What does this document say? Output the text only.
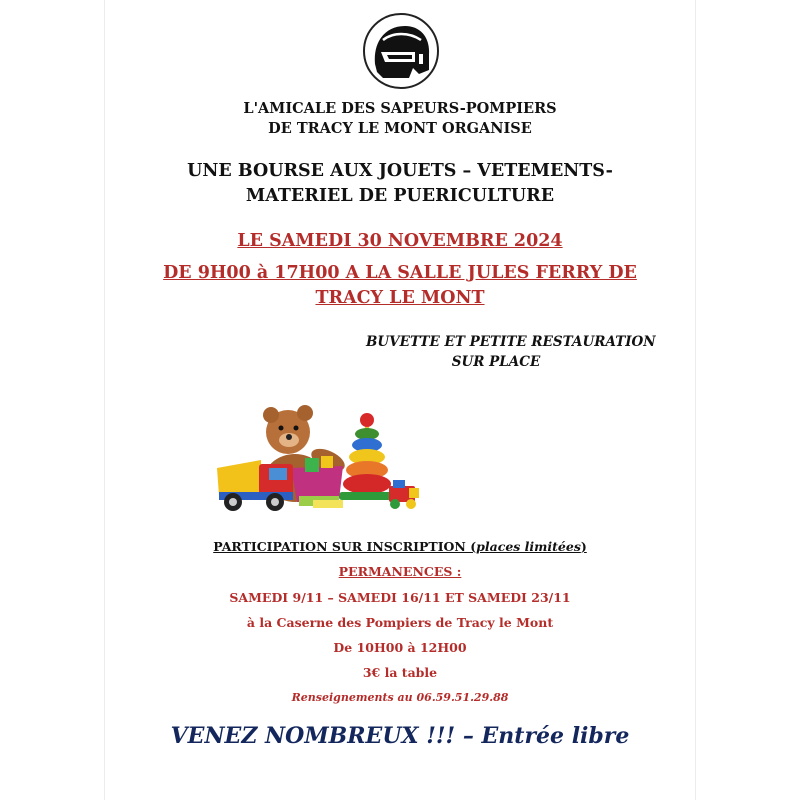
L'AMICALE DES SAPEURS-POMPIERS
DE TRACY LE MONT ORGANISE
UNE BOURSE AUX JOUETS – VETEMENTS-
MATERIEL DE PUERICULTURE
LE SAMEDI 30 NOVEMBRE 2024
DE 9H00 à 17H00 A LA SALLE JULES FERRY DE
TRACY LE MONT
BUVETTE ET PETITE RESTAURATION
SUR PLACE
PARTICIPATION SUR INSCRIPTION (places limitées)
PERMANENCES :
SAMEDI 9/11 – SAMEDI 16/11 ET SAMEDI 23/11
à la Caserne des Pompiers de Tracy le Mont
De 10H00 à 12H00
3€ la table
Renseignements au 06.59.51.29.88
VENEZ NOMBREUX !!! – Entrée libre
